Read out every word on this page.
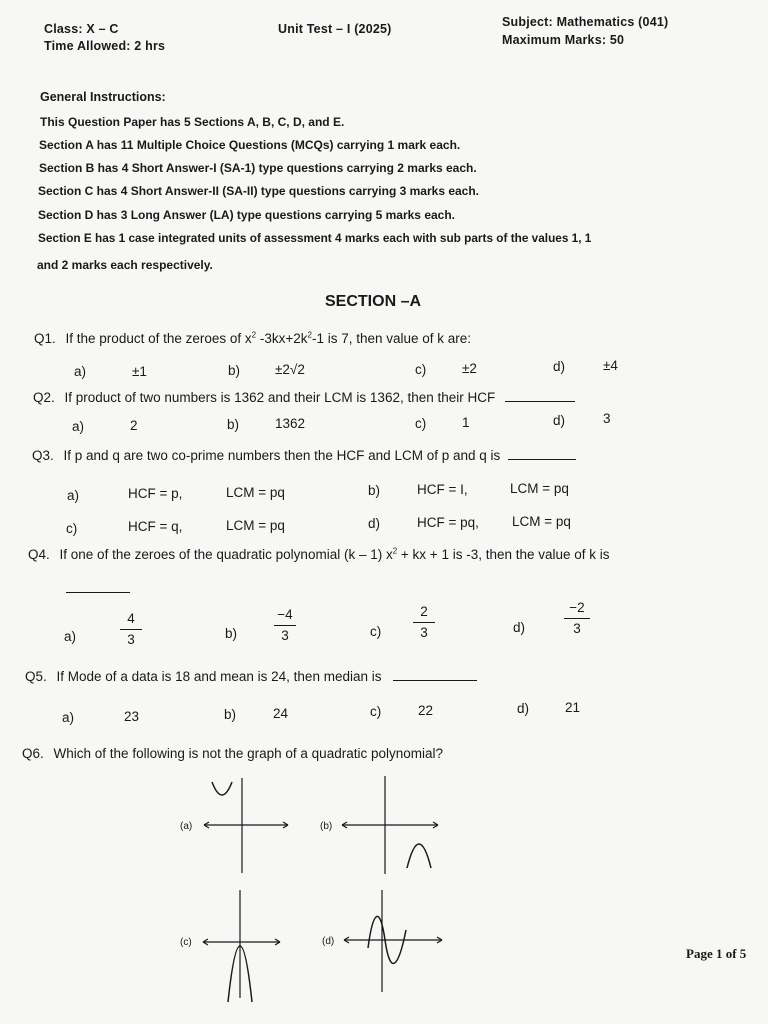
Class: X – C
Time Allowed: 2 hrs
Unit Test – I (2025)	Subject: Mathematics (041)
Maximum Marks: 50
General Instructions:
This Question Paper has 5 Sections A, B, C, D, and E.
Section A has 11 Multiple Choice Questions (MCQs) carrying 1 mark each.
Section B has 4 Short Answer-I (SA-1) type questions carrying 2 marks each.
Section C has 4 Short Answer-II (SA-II) type questions carrying 3 marks each.
Section D has 3 Long Answer (LA) type questions carrying 5 marks each.
Section E has 1 case integrated units of assessment 4 marks each with sub parts of the values 1, 1
and 2 marks each respectively.
SECTION –A
Q1. If the product of the zeroes of $x^2$ $-3kx+2k^2-1$ is 7, then value of k are:
a)	±1	b)	±2√2	c)	±2	d)	±4
Q2. If product of two numbers is 1362 and their LCM is 1362, then their HCF
a)	2	b)	1362	c)	1	d)	3
Q3. If p and q are two co-prime numbers then the HCF and LCM of p and q is
a)	HCF = p,	LCM = pq	b)	HCF = I,	LCM = pq
c)	HCF = q,	LCM = pq	d)	HCF = pq, LCM = pq
Q4. If one of the zeroes of the quadratic polynomial (k – 1) $x^2$ + kx + 1 is -3, then the value of k is
a)
4
3	b)
−4
3	c)
2
3	d)
−2
3
Q5. If Mode of a data is 18 and mean is 24, then median is
a)	23	b)	24	c)	22	d)	21
Q6. Which of the following is not the graph of a quadratic polynomial?
(a)	(b)
(c)	(d)
Page 1 of 5
